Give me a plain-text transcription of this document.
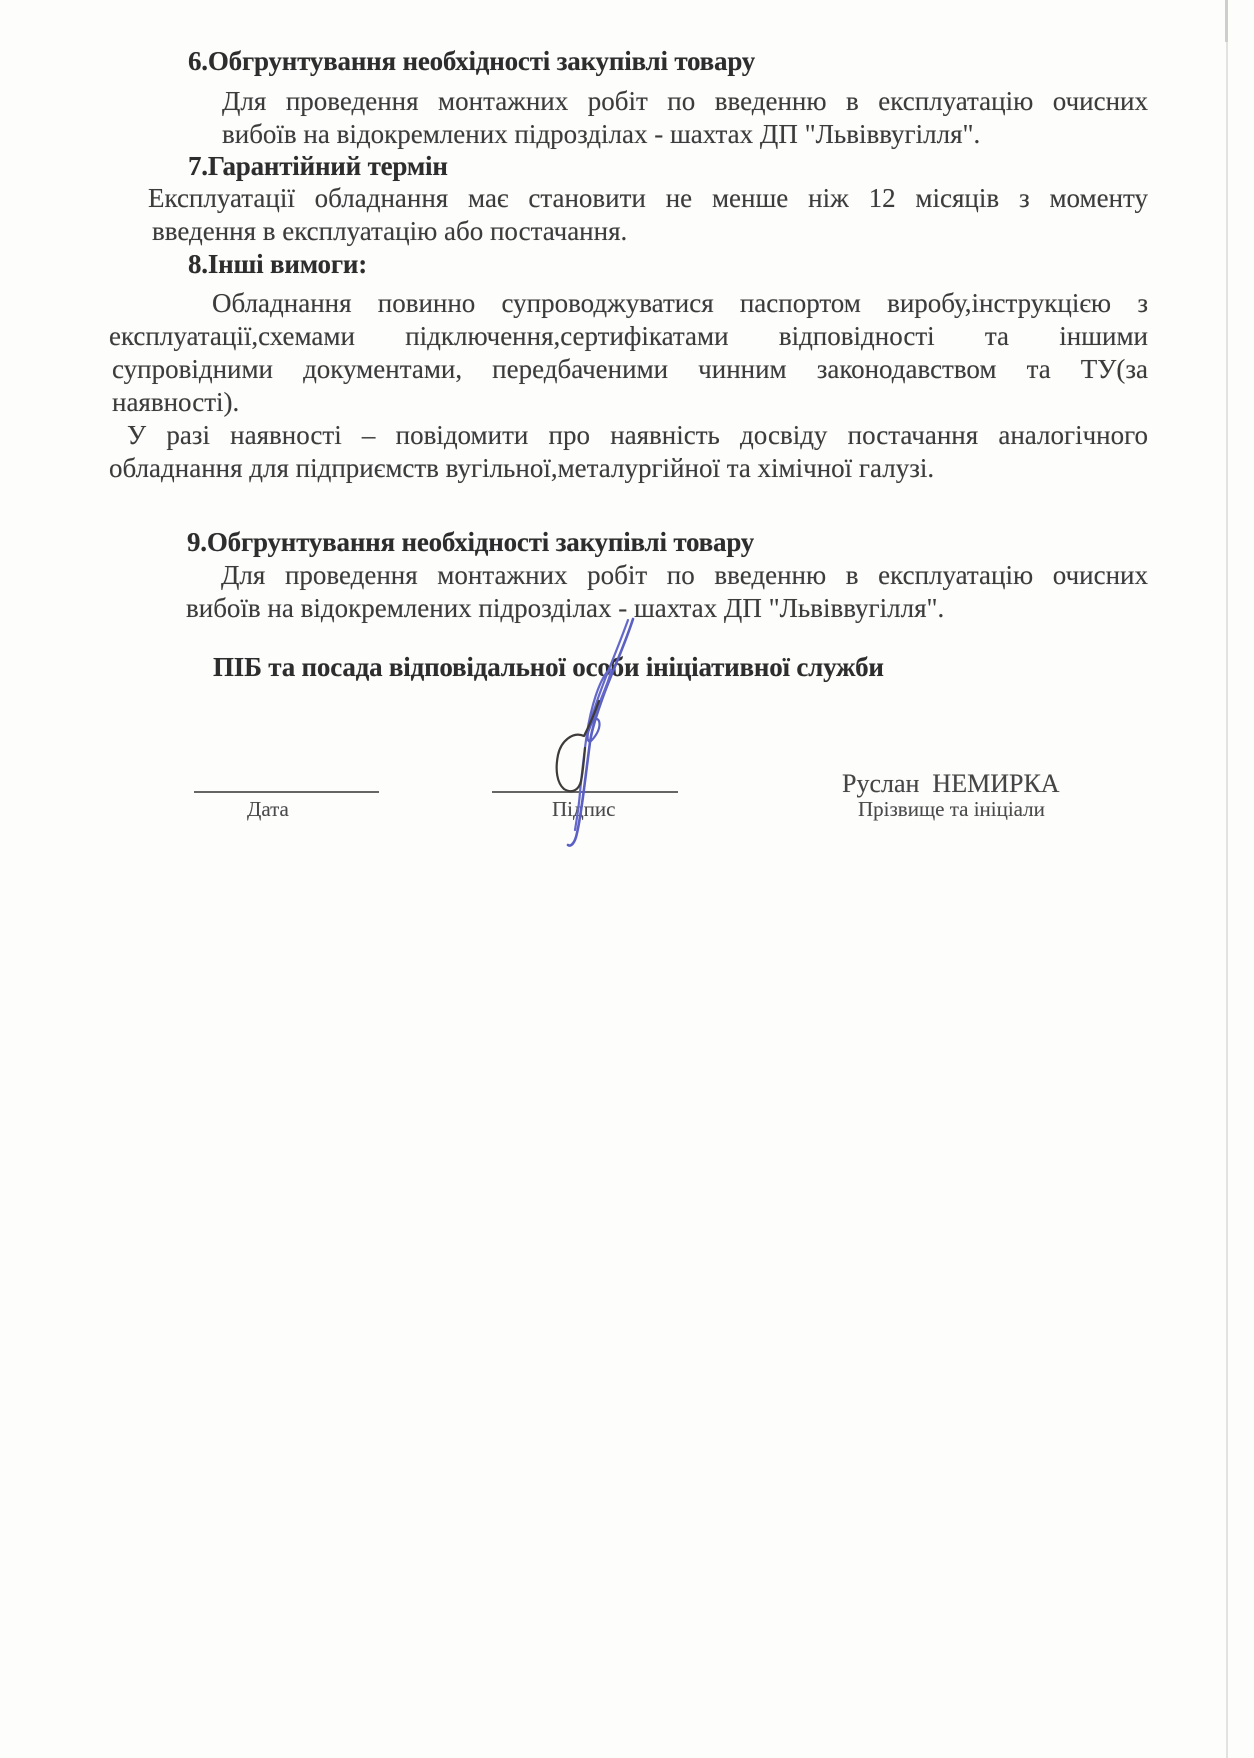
6.Обгрунтування необхідності закупівлі товару
Для проведення монтажних робіт по введенню в експлуатацію очисних
вибоїв на відокремлених підрозділах - шахтах ДП "Львіввугілля".
7.Гарантійний термін
Експлуатації обладнання має становити не менше ніж 12 місяців з моменту
введення в експлуатацію або постачання.
8.Інші вимоги:
Обладнання повинно супроводжуватися паспортом виробу,інструкцією з
експлуатації,схемами підключення,сертифікатами відповідності та іншими
супровідними документами, передбаченими чинним законодавством та ТУ(за
наявності).
У разі наявності – повідомити про наявність досвіду постачання аналогічного
обладнання для підприємств вугільної,металургійної та хімічної галузі.
9.Обгрунтування необхідності закупівлі товару
Для проведення монтажних робіт по введенню в експлуатацію очисних
вибоїв на відокремлених підрозділах - шахтах ДП "Львіввугілля".
ПІБ та посада відповідальної особи ініціативної служби
Руслан  НЕМИРКА
Дата	Підпис	Прізвище та ініціали
